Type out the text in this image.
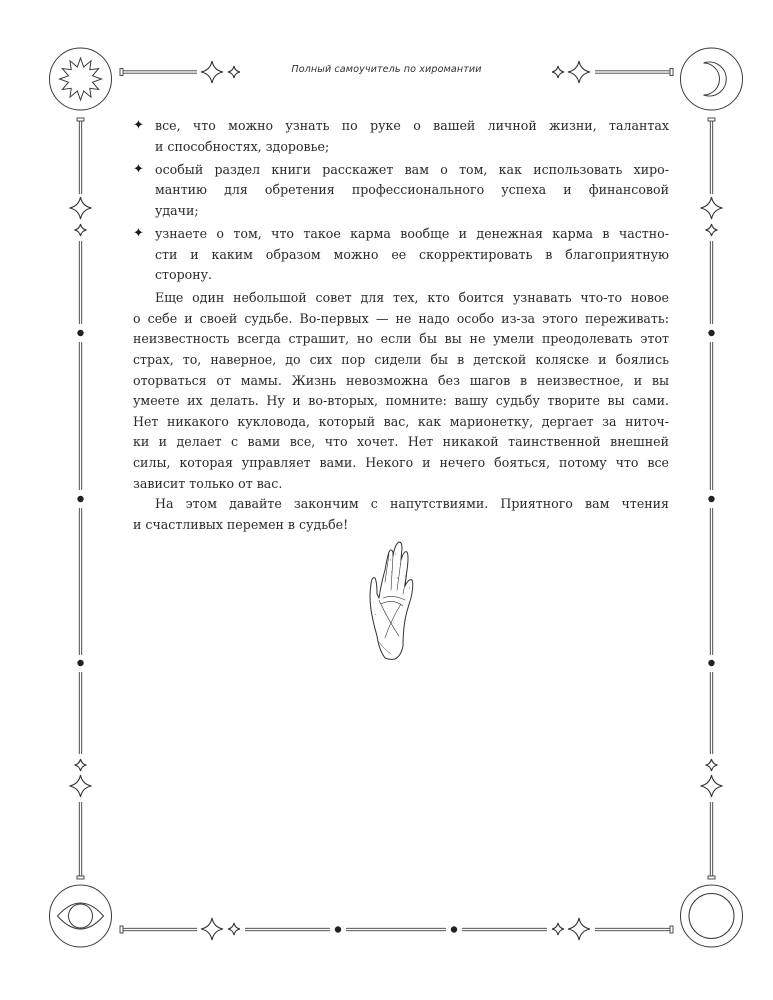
Полный самоучитель по хиромантии
✦ все, что можно узнать по руке о вашей личной жизни, талантах
и способностях, здоровье;
✦ особый раздел книги расскажет вам о том, как использовать хиро-
мантию для обретения профессионального успеха и финансовой
удачи;
✦ узнаете о том, что такое карма вообще и денежная карма в частно-
сти и каким образом можно ее скорректировать в благоприятную
сторону.
Еще один небольшой совет для тех, кто боится узнавать что-то новое
о себе и своей судьбе. Во-первых — не надо особо из-за этого переживать:
неизвестность всегда страшит, но если бы вы не умели преодолевать этот
страх, то, наверное, до сих пор сидели бы в детской коляске и боялись
оторваться от мамы. Жизнь невозможна без шагов в неизвестное, и вы
умеете их делать. Ну и во-вторых, помните: вашу судьбу творите вы сами.
Нет никакого кукловода, который вас, как марионетку, дергает за ниточ-
ки и делает с вами все, что хочет. Нет никакой таинственной внешней
силы, которая управляет вами. Некого и нечего бояться, потому что все
зависит только от вас.
На этом давайте закончим с напутствиями. Приятного вам чтения
и счастливых перемен в судьбе!
